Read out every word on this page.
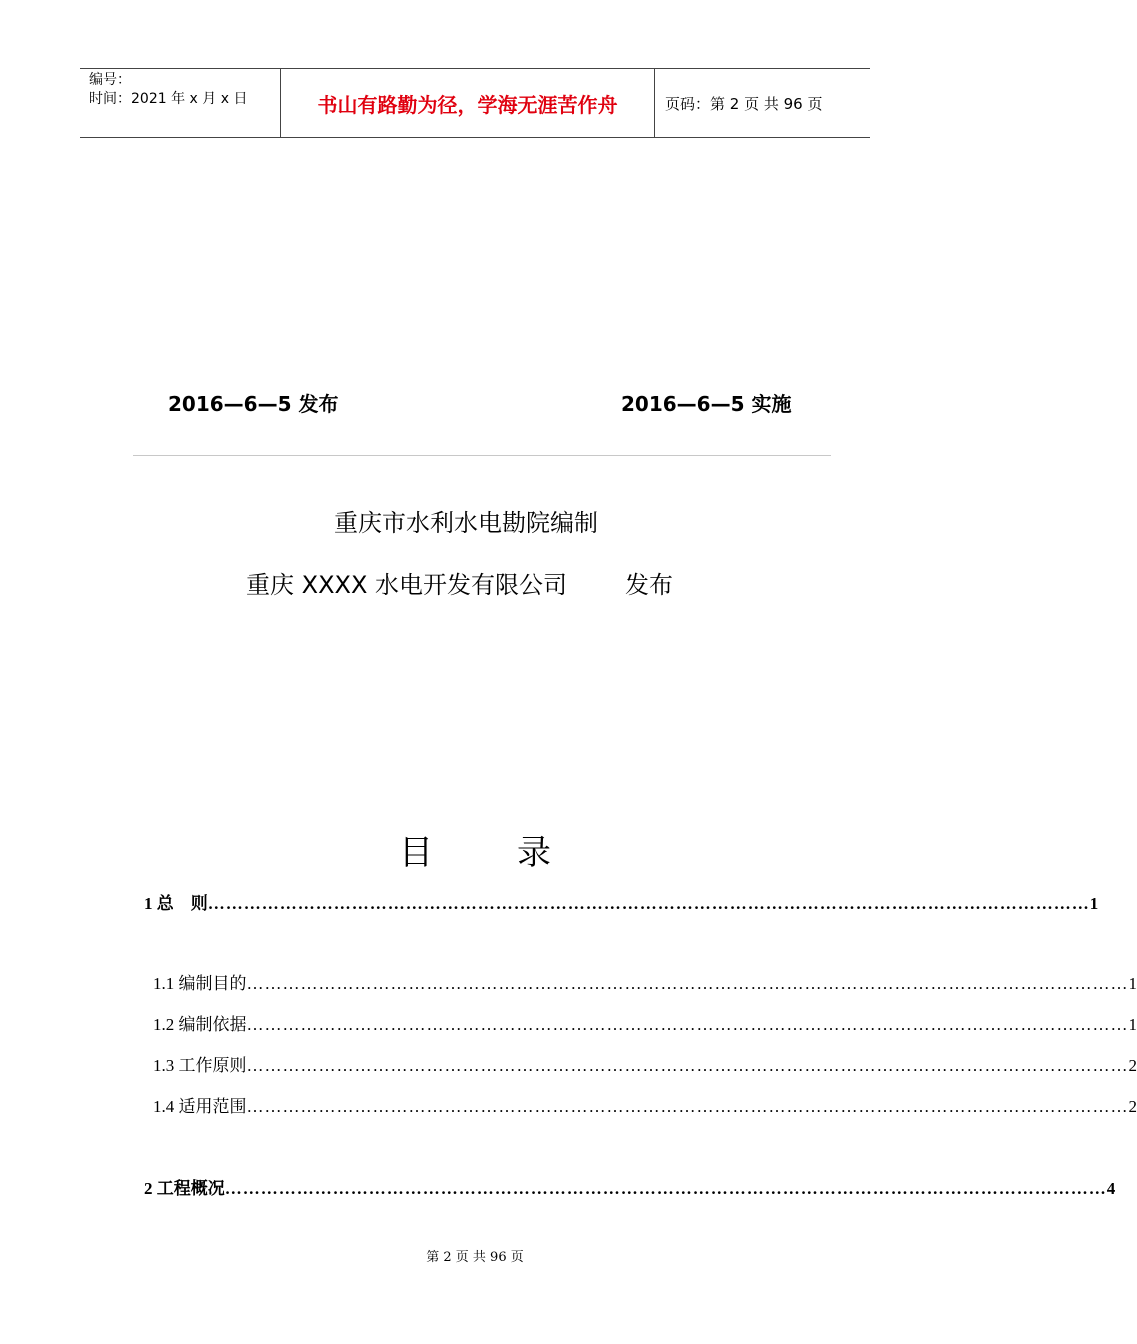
编号：
时间：2021 年 x 月 x 日	书山有路勤为径，学海无涯苦作舟	页码：第 2 页 共 96 页
2016—6—5 发布	2016—6—5 实施
重庆市水利水电勘院编制
重庆 XXXX 水电开发有限公司 发布
目 录
1 总　则 ………………………………………………………………………………………………………………………………… 1
1.1 编制目的 ………………………………………………………………………………………………………………………………… 1
1.2 编制依据 ………………………………………………………………………………………………………………………………… 1
1.3 工作原则 ………………………………………………………………………………………………………………………………… 2
1.4 适用范围 ………………………………………………………………………………………………………………………………… 2
2 工程概况 ………………………………………………………………………………………………………………………………… 4
第 2 页 共 96 页
